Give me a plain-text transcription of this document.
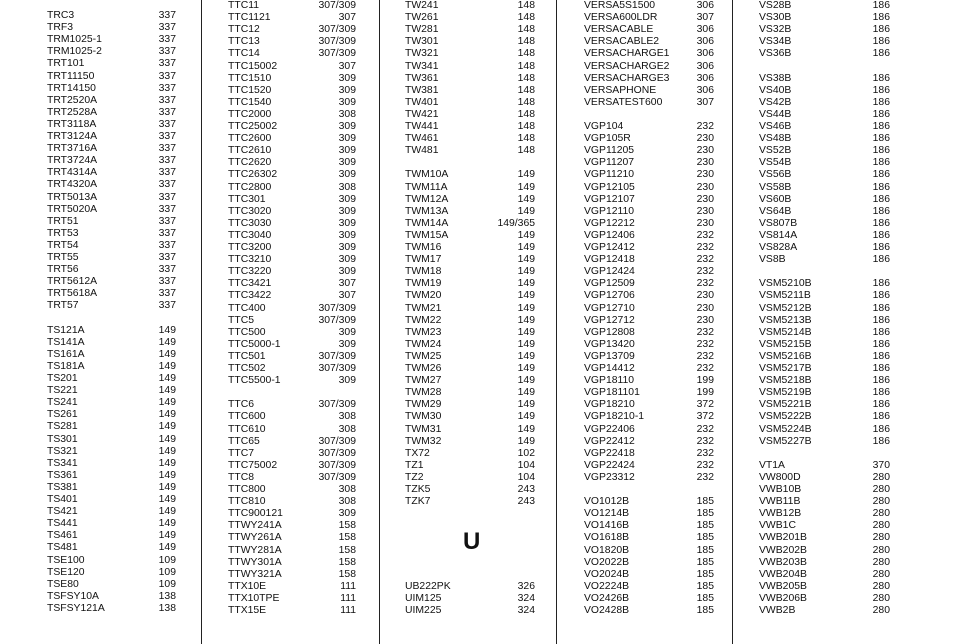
TRC3	337
TRF3	337
TRM1025-1	337
TRM1025-2	337
TRT101	337
TRT11150	337
TRT14150	337
TRT2520A	337
TRT2528A	337
TRT3118A	337
TRT3124A	337
TRT3716A	337
TRT3724A	337
TRT4314A	337
TRT4320A	337
TRT5013A	337
TRT5020A	337
TRT51	337
TRT53	337
TRT54	337
TRT55	337
TRT56	337
TRT5612A	337
TRT5618A	337
TRT57	337
TS121A	149
TS141A	149
TS161A	149
TS181A	149
TS201	149
TS221	149
TS241	149
TS261	149
TS281	149
TS301	149
TS321	149
TS341	149
TS361	149
TS381	149
TS401	149
TS421	149
TS441	149
TS461	149
TS481	149
TSE100	109
TSE120	109
TSE80	109
TSFSY10A	138
TSFSY121A	138
TTC11	307/309
TTC1121	307
TTC12	307/309
TTC13	307/309
TTC14	307/309
TTC15002	307
TTC1510	309
TTC1520	309
TTC1540	309
TTC2000	308
TTC25002	309
TTC2600	309
TTC2610	309
TTC2620	309
TTC26302	309
TTC2800	308
TTC301	309
TTC3020	309
TTC3030	309
TTC3040	309
TTC3200	309
TTC3210	309
TTC3220	309
TTC3421	307
TTC3422	307
TTC400	307/309
TTC5	307/309
TTC500	309
TTC5000-1	309
TTC501	307/309
TTC502	307/309
TTC5500-1	309
TTC6	307/309
TTC600	308
TTC610	308
TTC65	307/309
TTC7	307/309
TTC75002	307/309
TTC8	307/309
TTC800	308
TTC810	308
TTC900121	309
TTWY241A	158
TTWY261A	158
TTWY281A	158
TTWY301A	158
TTWY321A	158
TTX10E	111
TTX10TPE	111
TTX15E	111
TW241	148
TW261	148
TW281	148
TW301	148
TW321	148
TW341	148
TW361	148
TW381	148
TW401	148
TW421	148
TW441	148
TW461	148
TW481	148
TWM10A	149
TWM11A	149
TWM12A	149
TWM13A	149
TWM14A	149/365
TWM15A	149
TWM16	149
TWM17	149
TWM18	149
TWM19	149
TWM20	149
TWM21	149
TWM22	149
TWM23	149
TWM24	149
TWM25	149
TWM26	149
TWM27	149
TWM28	149
TWM29	149
TWM30	149
TWM31	149
TWM32	149
TX72	102
TZ1	104
TZ2	104
TZK5	243
TZK7	243
UB222PK	326
UIM125	324
UIM225	324
U
VERSA5S1500	306
VERSA600LDR	307
VERSACABLE	306
VERSACABLE2	306
VERSACHARGE1	306
VERSACHARGE2	306
VERSACHARGE3	306
VERSAPHONE	306
VERSATEST600	307
VGP104	232
VGP105R	230
VGP11205	230
VGP11207	230
VGP11210	230
VGP12105	230
VGP12107	230
VGP12110	230
VGP12212	230
VGP12406	232
VGP12412	232
VGP12418	232
VGP12424	232
VGP12509	232
VGP12706	230
VGP12710	230
VGP12712	230
VGP12808	232
VGP13420	232
VGP13709	232
VGP14412	232
VGP18110	199
VGP181101	199
VGP18210	372
VGP18210-1	372
VGP22406	232
VGP22412	232
VGP22418	232
VGP22424	232
VGP23312	232
VO1012B	185
VO1214B	185
VO1416B	185
VO1618B	185
VO1820B	185
VO2022B	185
VO2024B	185
VO2224B	185
VO2426B	185
VO2428B	185
VS28B	186
VS30B	186
VS32B	186
VS34B	186
VS36B	186
VS38B	186
VS40B	186
VS42B	186
VS44B	186
VS46B	186
VS48B	186
VS52B	186
VS54B	186
VS56B	186
VS58B	186
VS60B	186
VS64B	186
VS807B	186
VS814A	186
VS828A	186
VS8B	186
VSM5210B	186
VSM5211B	186
VSM5212B	186
VSM5213B	186
VSM5214B	186
VSM5215B	186
VSM5216B	186
VSM5217B	186
VSM5218B	186
VSM5219B	186
VSM5221B	186
VSM5222B	186
VSM5224B	186
VSM5227B	186
VT1A	370
VW800D	280
VWB10B	280
VWB11B	280
VWB12B	280
VWB1C	280
VWB201B	280
VWB202B	280
VWB203B	280
VWB204B	280
VWB205B	280
VWB206B	280
VWB2B	280
